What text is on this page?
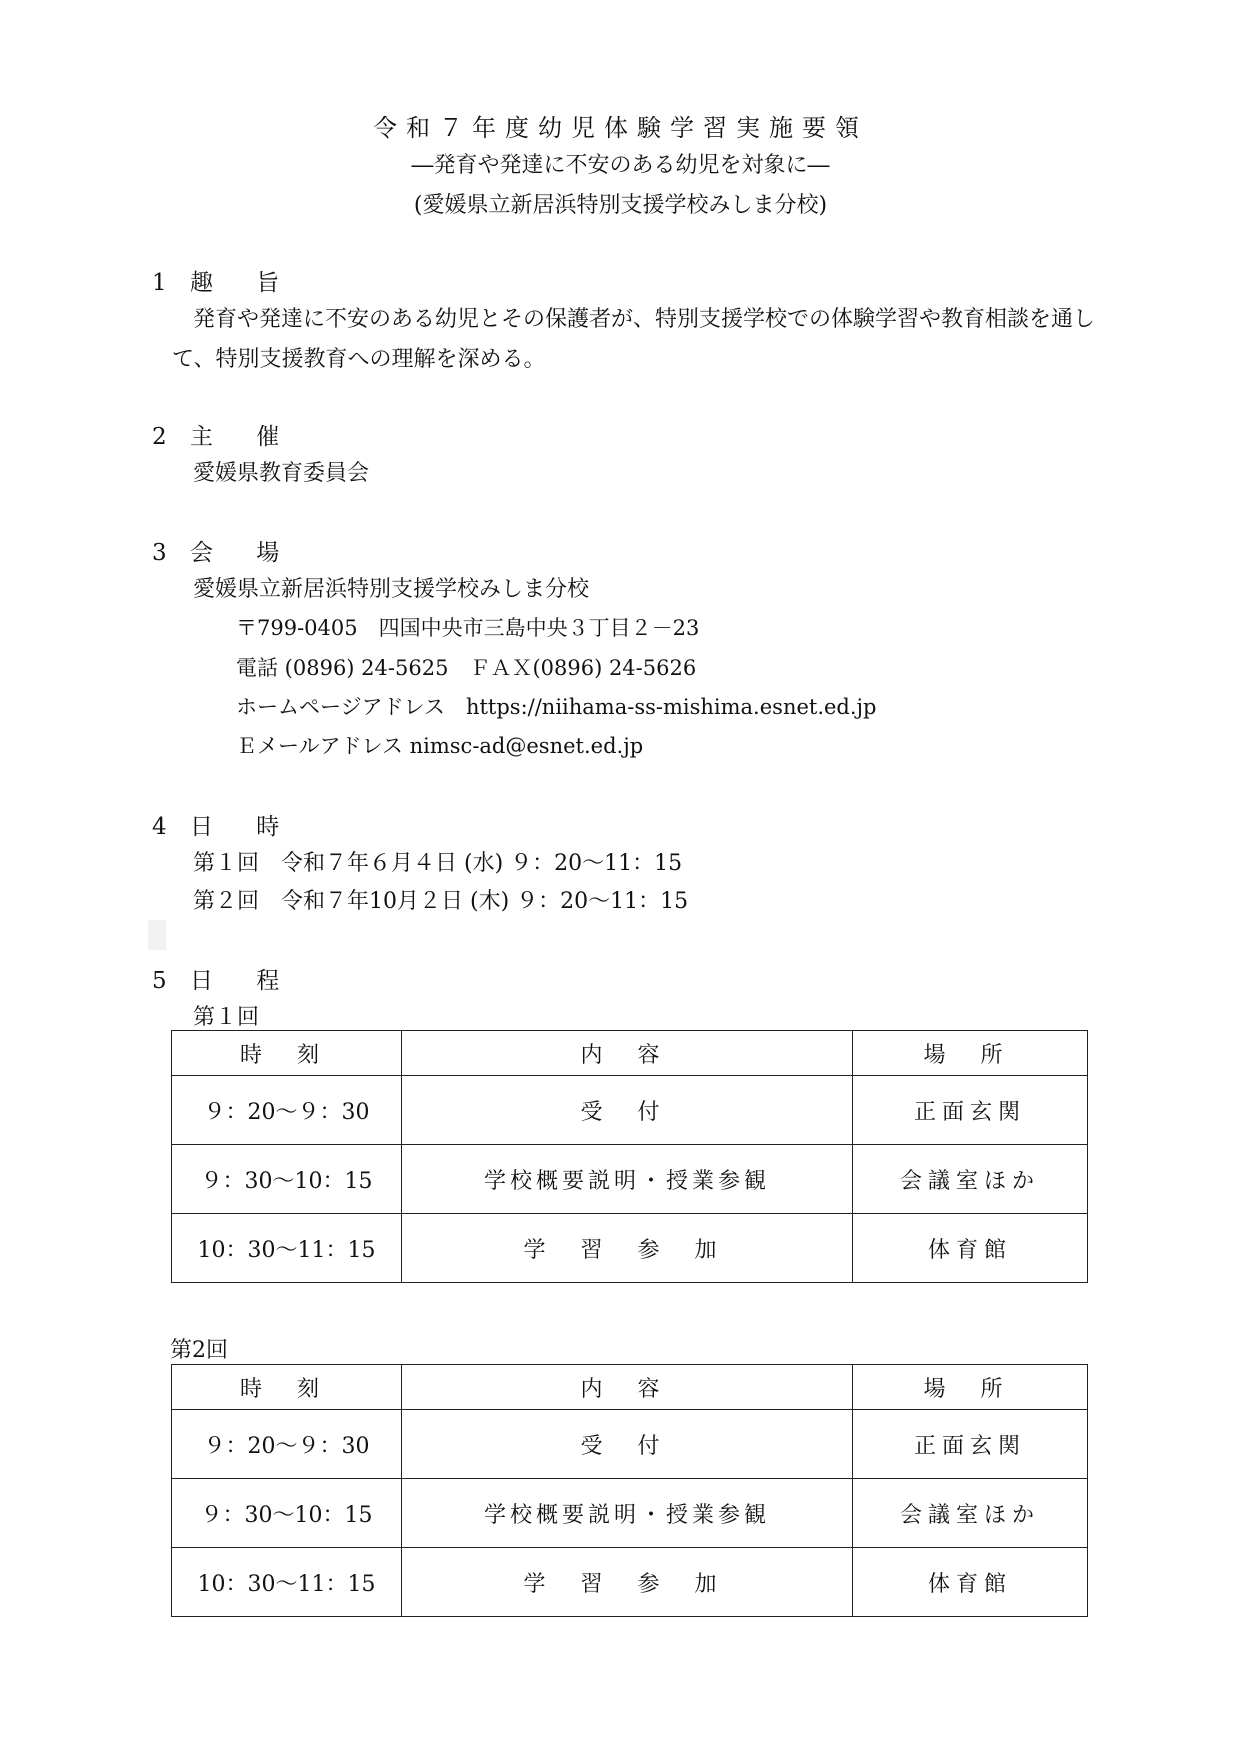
令和７年度幼児体験学習実施要領
―発育や発達に不安のある幼児を対象に―
(愛媛県立新居浜特別支援学校みしま分校)
1 趣 旨
発育や発達に不安のある幼児とその保護者が、特別支援学校での体験学習や教育相談を通し
て、特別支援教育への理解を深める。
2 主 催
愛媛県教育委員会
3 会 場
愛媛県立新居浜特別支援学校みしま分校
〒799-0405　四国中央市三島中央３丁目２－23
電話 (0896) 24-5625　ＦＡＸ(0896) 24-5626
ホームページアドレス　https://niihama-ss-mishima.esnet.ed.jp
Ｅメールアドレス nimsc-ad@esnet.ed.jp
4 日 時
第１回　令和７年６月４日 (水) ９：20～11：15
第２回　令和７年10月２日 (木) ９：20～11：15
5 日 程
第１回
時 刻	内 容	場 所
９：20～９：30	受 付	正面玄関
９：30～10：15	学校概要説明・授業参観	会議室ほか
10：30～11：15	学 習 参 加	体育館
第2回
時 刻	内 容	場 所
９：20～９：30	受 付	正面玄関
９：30～10：15	学校概要説明・授業参観	会議室ほか
10：30～11：15	学 習 参 加	体育館
